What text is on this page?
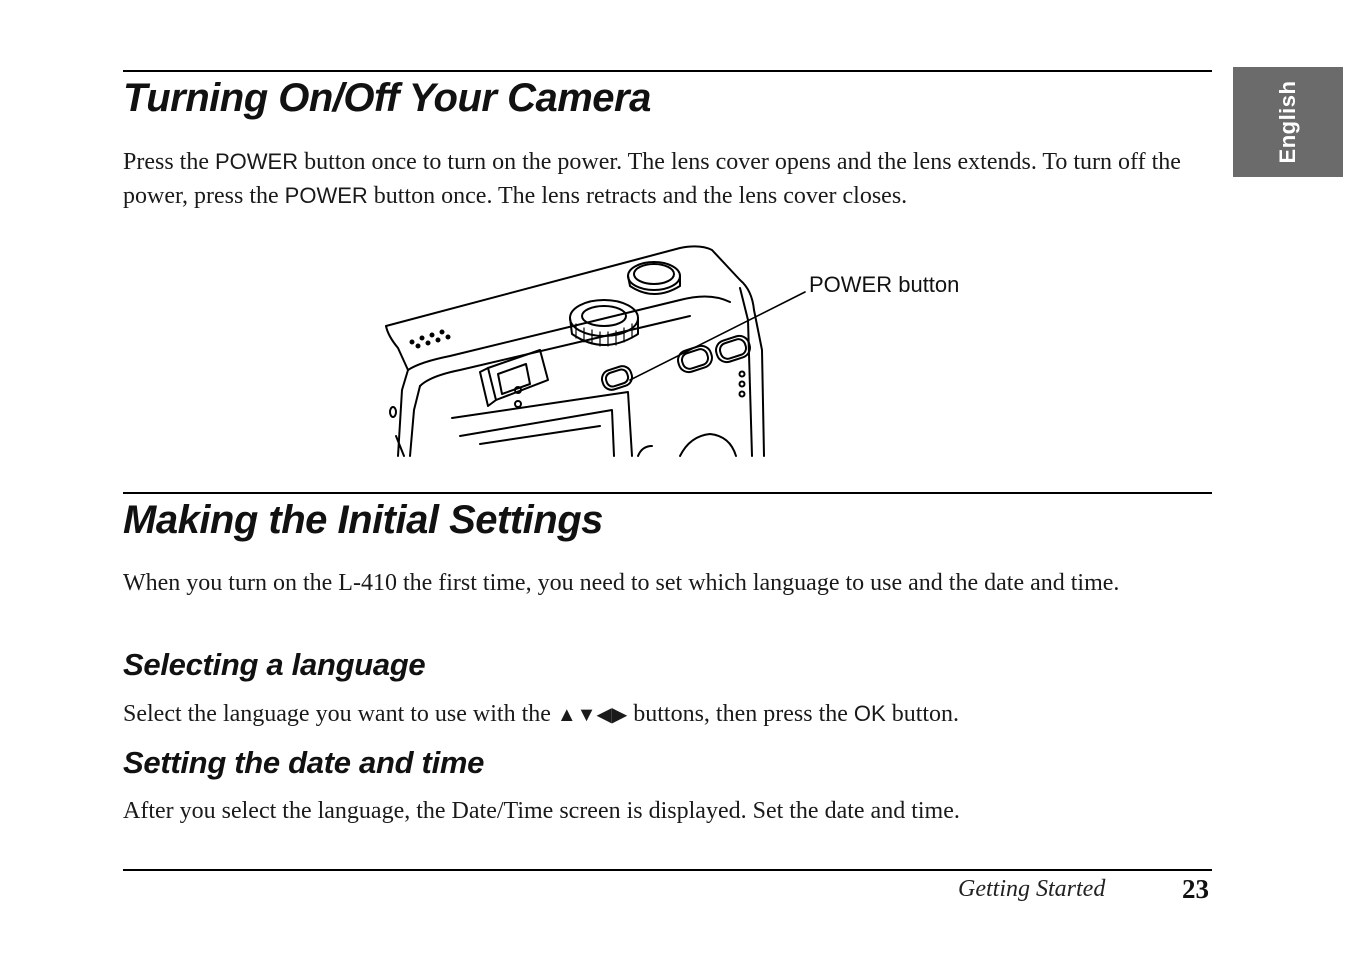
English
Turning On/Off Your Camera

Press the POWER button once to turn on the power. The lens cover opens and the lens extends. To turn off the power, press the POWER button once. The lens retracts and the lens cover closes.

POWER button
Making the Initial Settings

When you turn on the L-410 the first time, you need to set which language to use and the date and time.

Selecting a language

Select the language you want to use with the ▲▼◀▶ buttons, then press the OK button.

Setting the date and time

After you select the language, the Date/Time screen is displayed. Set the date and time.

Getting Started	23
